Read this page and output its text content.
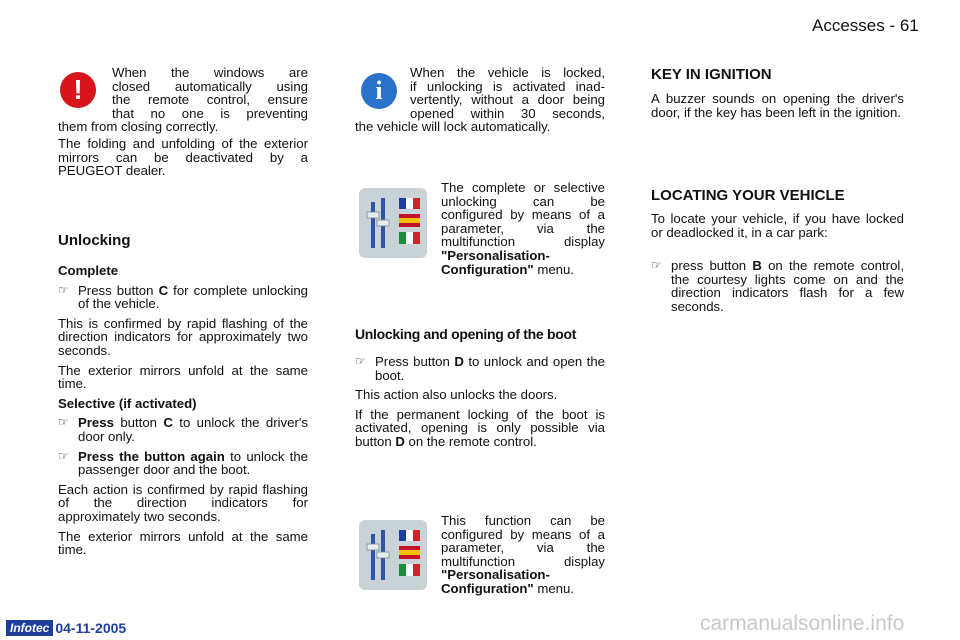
Accesses - 61
!
When the windows are
closed automatically using
the remote control, ensure
that no one is preventing
them from closing correctly.

The folding and unfolding of the exterior mirrors can be deactivated by a PEUGEOT dealer.

Unlocking

Complete

☞ Press button C for complete unlocking of the vehicle.

This is confirmed by rapid flashing of the direction indicators for approximately two seconds.

The exterior mirrors unfold at the same time.

Selective (if activated)

☞ Press button C to unlock the driver's door only.
☞ Press the button again to unlock the passenger door and the boot.

Each action is confirmed by rapid flashing of the direction indicators for approximately two seconds.

The exterior mirrors unfold at the same time.

i
When the vehicle is locked,
if unlocking is activated inad-
vertently, without a door being
opened within 30 seconds,
the vehicle will lock automatically.
The complete or selective unlocking can be configured by means of a parameter, via the multifunction display "Personalisation-Configuration" menu.
Unlocking and opening of the boot
☞ Press button D to unlock and open the boot.

This action also unlocks the doors.

If the permanent locking of the boot is activated, opening is only possible via button D on the remote control.

This function can be configured by means of a parameter, via the multifunction display "Personalisation-Configuration" menu.
KEY IN IGNITION

A buzzer sounds on opening the driver's door, if the key has been left in the ignition.

LOCATING YOUR VEHICLE

To locate your vehicle, if you have locked or deadlocked it, in a car park:

☞ press button B on the remote control, the courtesy lights come on and the direction indicators flash for a few seconds.
Infotec 04-11-2005	carmanualsonline.info
